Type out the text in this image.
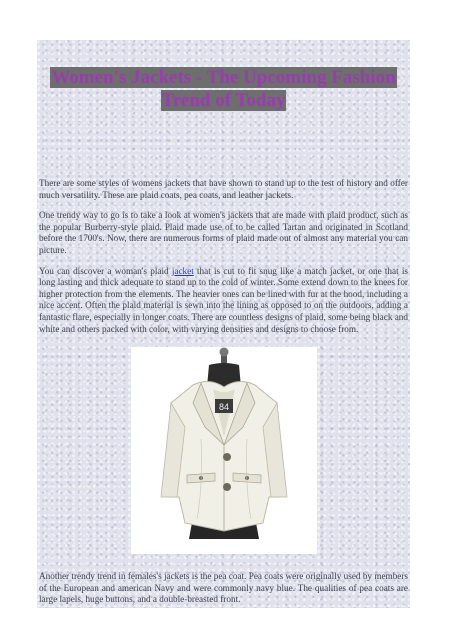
Women's Jackets - The Upcoming Fashion Trend of Today

There are some styles of womens jackets that have shown to stand up to the test of history and offer much versatility. These are plaid coats, pea coats, and leather jackets.

One trendy way to go is to take a look at women's jackets that are made with plaid product, such as the popular Burberry-style plaid. Plaid made use of to be called Tartan and originated in Scotland before the 1700's. Now, there are numerous forms of plaid made out of almost any material you can picture.

You can discover a woman's plaid jacket that is cut to fit snug like a match jacket, or one that is long lasting and thick adequate to stand up to the cold of winter. Some extend down to the knees for higher protection from the elements. The heavier ones can be lined with fur at the hood, including a nice accent. Often the plaid material is sewn into the lining as opposed to on the outdoors, adding a fantastic flare, especially in longer coats. There are countless designs of plaid, some being black and white and others packed with color, with varying densities and designs to choose from.

84

Another trendy trend in females's jackets is the pea coat. Pea coats were originally used by members of the European and american Navy and were commonly navy blue. The qualities of pea coats are large lapels, huge buttons, and a double-breasted front.
